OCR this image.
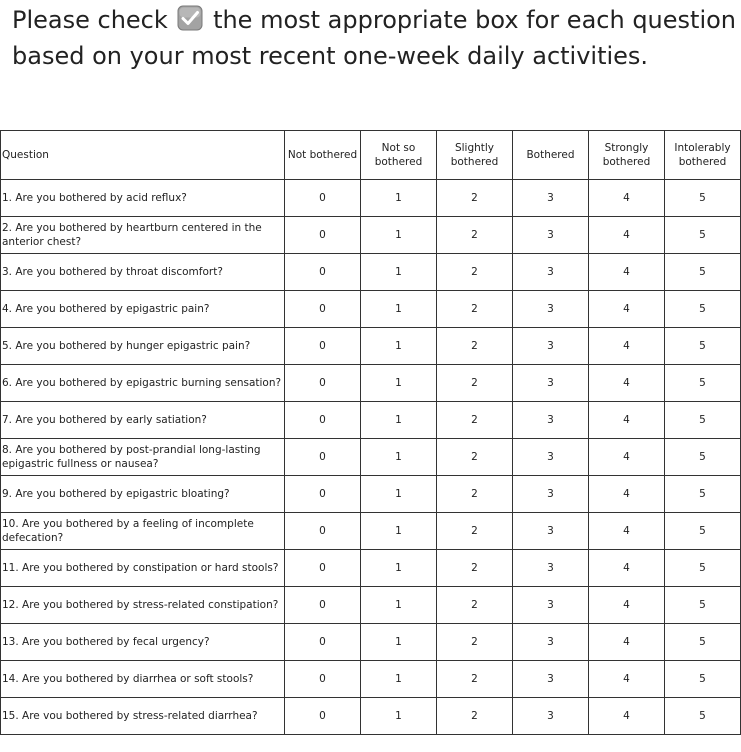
Please check the most appropriate box for each question based on your most recent one-week daily activities.
Question	Not bothered	Not so bothered	Slightly bothered	Bothered	Strongly bothered	Intolerably bothered
1. Are you bothered by acid reflux?	0	1	2	3	4	5
2. Are you bothered by heartburn centered in the anterior chest?	0	1	2	3	4	5
3. Are you bothered by throat discomfort?	0	1	2	3	4	5
4. Are you bothered by epigastric pain?	0	1	2	3	4	5
5. Are you bothered by hunger epigastric pain?	0	1	2	3	4	5
6. Are you bothered by epigastric burning sensation?	0	1	2	3	4	5
7. Are you bothered by early satiation?	0	1	2	3	4	5
8. Are you bothered by post-prandial long-lasting epigastric fullness or nausea?	0	1	2	3	4	5
9. Are you bothered by epigastric bloating?	0	1	2	3	4	5
10. Are you bothered by a feeling of incomplete defecation?	0	1	2	3	4	5
11. Are you bothered by constipation or hard stools?	0	1	2	3	4	5
12. Are you bothered by stress-related constipation?	0	1	2	3	4	5
13. Are you bothered by fecal urgency?	0	1	2	3	4	5
14. Are you bothered by diarrhea or soft stools?	0	1	2	3	4	5
15. Are vou bothered by stress-related diarrhea?	0	1	2	3	4	5
